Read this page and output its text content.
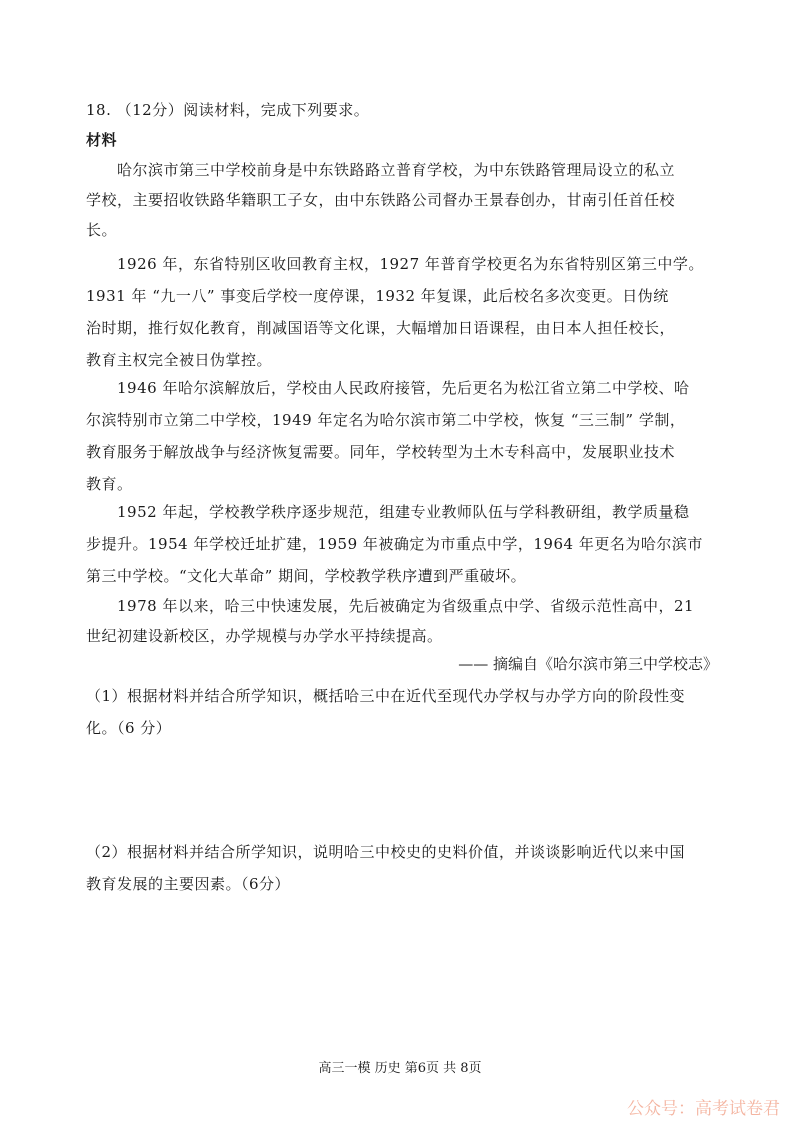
18. （12分）阅读材料，完成下列要求。
材料
哈尔滨市第三中学校前身是中东铁路路立普育学校，为中东铁路管理局设立的私立
学校，主要招收铁路华籍职工子女，由中东铁路公司督办王景春创办，甘南引任首任校
长。
1926 年，东省特别区收回教育主权，1927 年普育学校更名为东省特别区第三中学。
1931 年 “九一八” 事变后学校一度停课，1932 年复课，此后校名多次变更。日伪统
治时期，推行奴化教育，削减国语等文化课，大幅增加日语课程，由日本人担任校长，
教育主权完全被日伪掌控。
1946 年哈尔滨解放后，学校由人民政府接管，先后更名为松江省立第二中学校、哈
尔滨特别市立第二中学校，1949 年定名为哈尔滨市第二中学校，恢复 “三三制” 学制，
教育服务于解放战争与经济恢复需要。同年，学校转型为土木专科高中，发展职业技术
教育。
1952 年起，学校教学秩序逐步规范，组建专业教师队伍与学科教研组，教学质量稳
步提升。1954 年学校迁址扩建，1959 年被确定为市重点中学，1964 年更名为哈尔滨市
第三中学校。“文化大革命” 期间，学校教学秩序遭到严重破坏。
1978 年以来，哈三中快速发展，先后被确定为省级重点中学、省级示范性高中，21
世纪初建设新校区，办学规模与办学水平持续提高。
—— 摘编自《哈尔滨市第三中学校志》
（1）根据材料并结合所学知识，概括哈三中在近代至现代办学权与办学方向的阶段性变
化。（6 分）
（2）根据材料并结合所学知识，说明哈三中校史的史料价值，并谈谈影响近代以来中国
教育发展的主要因素。（6分）
高三一模 历史 第6页 共 8页
公众号：高考试卷君
